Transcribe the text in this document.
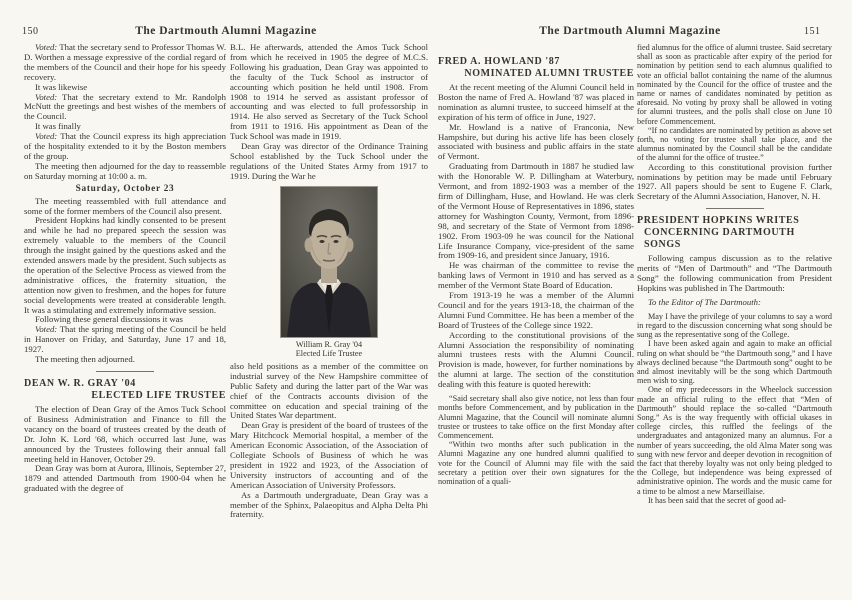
150	The Dartmouth Alumni Magazine	The Dartmouth Alumni Magazine	151

Voted: That the secretary send to Professor Thomas W. D. Worthen a message expressive of the cordial regard of the members of the Council and their hope for his speedy recovery.

It was likewise

Voted: That the secretary extend to Mr. Randolph McNutt the greetings and best wishes of the members of the Council.

It was finally

Voted: That the Council express its high appreciation of the hospitality extended to it by the Boston members of the group.

The meeting then adjourned for the day to reassemble on Saturday morning at 10:00 a. m.

Saturday, October 23

The meeting reassembled with full attendance and some of the former members of the Council also present.

President Hopkins had kindly consented to be present and while he had no prepared speech the session was extremely valuable to the members of the Council through the insight gained by the questions asked and the extended answers made by the president. Such subjects as the operation of the Selective Process as viewed from the administrative offices, the fraternity situation, the attention now given to freshmen, and the hopes for future social developments were treated at considerable length. It was a stimulating and extremely informative session.

Following these general discussions it was

Voted: That the spring meeting of the Council be held in Hanover on Friday, and Saturday, June 17 and 18, 1927.

The meeting then adjourned.

DEAN W. R. GRAY '04
ELECTED LIFE TRUSTEE

The election of Dean Gray of the Amos Tuck School of Business Administration and Finance to fill the vacancy on the board of trustees created by the death of Dr. John K. Lord '68, which occurred last June, was announced by the Trustees following their annual fall meeting held in Hanover, October 29.

Dean Gray was born at Aurora, Illinois, September 27, 1879 and attended Dartmouth from 1900-04 when he graduated with the degree of

B.L. He afterwards, attended the Amos Tuck School from which he received in 1905 the degree of M.C.S. Following his graduation, Dean Gray was appointed to the faculty of the Tuck School as instructor of accounting which position he held until 1908. From 1908 to 1914 he served as assistant professor of accounting and was elected to full professorship in 1914. He also served as Secretary of the Tuck School from 1911 to 1916. His appointment as Dean of the Tuck School was made in 1919.

Dean Gray was director of the Ordinance Training School established by the Tuck School under the regulations of the United States Army from 1917 to 1919. During the War he

William R. Gray '04
Elected Life Trustee

also held positions as a member of the committee on industrial survey of the New Hampshire committee of Public Safety and during the latter part of the War was chief of the Contracts accounts division of the committee on education and special training of the United States War department.

Dean Gray is president of the board of trustees of the Mary Hitchcock Memorial hospital, a member of the American Economic Association, of the Association of Collegiate Schools of Business of which he was president in 1922 and 1923, of the Association of University instructors of accounting and of the American Association of University Professors.

As a Dartmouth undergraduate, Dean Gray was a member of the Sphinx, Palaeopitus and Alpha Delta Phi fraternity.

FRED A. HOWLAND '87
NOMINATED ALUMNI TRUSTEE

At the recent meeting of the Alumni Council held in Boston the name of Fred A. Howland '87 was placed in nomination as alumni trustee, to succeed himself at the expiration of his term of office in June, 1927.

Mr. Howland is a native of Franconia, New Hampshire, but during his active life has been closely associated with business and public affairs in the state of Vermont.

Graduating from Dartmouth in 1887 he studied law with the Honorable W. P. Dillingham at Waterbury, Vermont, and from 1892-1903 was a member of the firm of Dillingham, Huse, and Howland. He was clerk of the Vermont House of Representatives in 1896, states attorney for Washington County, Vermont, from 1896-98, and secretary of the State of Vermont from 1898-1902. From 1903-09 he was council for the National Life Insurance Company, vice-president of the same from 1909-16, and president since January, 1916.

He was chairman of the committee to revise the banking laws of Vermont in 1910 and has served as a member of the Vermont State Board of Education.

From 1913-19 he was a member of the Alumni Council and for the years 1913-18, the chairman of the Alumni Fund Committee. He has been a member of the Board of Trustees of the College since 1922.

According to the constitutional provisions of the Alumni Association the responsibility of nominating alumni trustees rests with the Alumni Council. Provision is made, however, for further nominations by the alumni at large. The section of the constitution dealing with this feature is quoted herewith:

“Said secretary shall also give notice, not less than four months before Commencement, and by publication in the Alumni Magazine, that the Council will nominate alumni trustee or trustees to take office on the first Monday after Commencement.

“Within two months after such publication in the Alumni Magazine any one hundred alumni qualified to vote for the Council of Alumni may file with the said secretary a petition over their own signatures for the nomination of a quali-

fied alumnus for the office of alumni trustee. Said secretary shall as soon as practicable after expiry of the period for nomination by petition send to each alumnus qualified to vote an official ballot containing the name of the alumnus nominated by the Council for the office of trustee and the name or names of candidates nominated by petition as aforesaid. No voting by proxy shall be allowed in voting for alumni trustees, and the polls shall close on June 10 before Commencement.

“If no candidates are nominated by petition as above set forth, no voting for trustee shall take place, and the alumnus nominated by the Council shall be the candidate of the alumni for the office of trustee.”

According to this constitutional provision further nominations by petition may be made until February 1927. All papers should be sent to Eugene F. Clark, Secretary of the Alumni Association, Hanover, N. H.

PRESIDENT HOPKINS WRITES
CONCERNING DARTMOUTH SONGS

Following campus discussion as to the relative merits of “Men of Dartmouth” and “The Dartmouth Song” the following communication from President Hopkins was published in The Dartmouth:

To the Editor of The Dartmouth:

May I have the privilege of your columns to say a word in regard to the discussion concerning what song should be sung as the representative song of the College.

I have been asked again and again to make an official ruling on what should be “the Dartmouth song,” and I have always declined because “the Dartmouth song” ought to be and almost inevitably will be the song which Dartmouth men wish to sing.

One of my predecessors in the Wheelock succession made an official ruling to the effect that “Men of Dartmouth” should replace the so-called “Dartmouth Song.” As is the way frequently with official ukases in college circles, this ruffled the feelings of the undergraduates and antagonized many an alumnus. For a number of years succeeding, the old Alma Mater song was sung with new fervor and deeper devotion in recognition of the fact that thereby loyalty was not only being pledged to the College, but independence was being expressed of administrative opinion. The words and the music came for a time to be almost a new Marseillaise.

It has been said that the secret of good ad-
